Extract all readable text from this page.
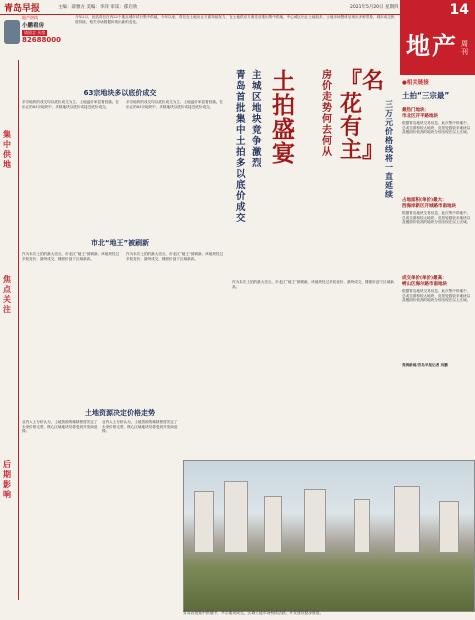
青岛早报	主编：薛雅方 美编：李萍 审读：郁启欣	2021年5月20日 星期四	14
地产 周刊
地产热线
小鹏看房
请留言 买房
82688000
今年2月，包括青岛在内22个重点城市试行集中供地，今年以来，青岛在土地出让方面持续发力，在土地供应方面先后推出集中供地，中心城区出让土地较多，土地市场整体呈现出多种景象，城市成交热度持续，相关市场数据体现出新的变化。
集中供地
焦点关注
后期影响
63宗地块多以底价成交
多宗地块的成交均以底价成交为主，土地溢价率显著回落。在出让的63宗地块中，多数地块以底价或接近底价成交。
多宗地块的成交均以底价成交为主，土地溢价率显著回落。在出让的63宗地块中，多数地块以底价或接近底价成交。
市北“地王”被刷新
作为本次土拍的最大亮点，市北区“地王”被刷新。该地块经过多轮竞价，最终成交，楼面价创下区域新高。
作为本次土拍的最大亮点，市北区“地王”被刷新。该地块经过多轮竞价，最终成交，楼面价创下区域新高。
作为本次土拍的最大亮点，市北区“地王”被刷新。该地块经过多轮竞价，最终成交，楼面价创下区域新高。
土地资源决定价格走势
业内人士分析认为，土地资源的稀缺程度决定了未来价格走势，核心区域地块仍将受到开发商追捧。
业内人士分析认为，土地资源的稀缺程度决定了未来价格走势，核心区域地块仍将受到开发商追捧。
青岛首批集中土拍多以底价成交
主城区地块竞争激烈
土拍盛宴
『名花有主』
房价走势何去何从
三万元价格线将一直延续
●相关链接
土拍“三宗最”
最热门地块：
市北区开平路地块
根据青岛地块交易信息，此次集中供地中，总成交面积较大地块、竞拍轮数较多地块以及楼面价较高的地块分别出现在以上区域。
占地面积(单价)最大：
西海岸新区开城路市南地块
根据青岛地块交易信息，此次集中供地中，总成交面积较大地块、竞拍轮数较多地块以及楼面价较高的地块分别出现在以上区域。
成交单价(单价)最高：
崂山区海尔路市南地块
根据青岛地块交易信息，此次集中供地中，总成交面积较大地块、竞拍轮数较多地块以及楼面价较高的地块分别出现在以上区域。
观海新闻/青岛早报记者 刘鹏
青岛首批集中供地中，多宗地块成交，区域土地市场持续活跃，开发建设稳步推进。
